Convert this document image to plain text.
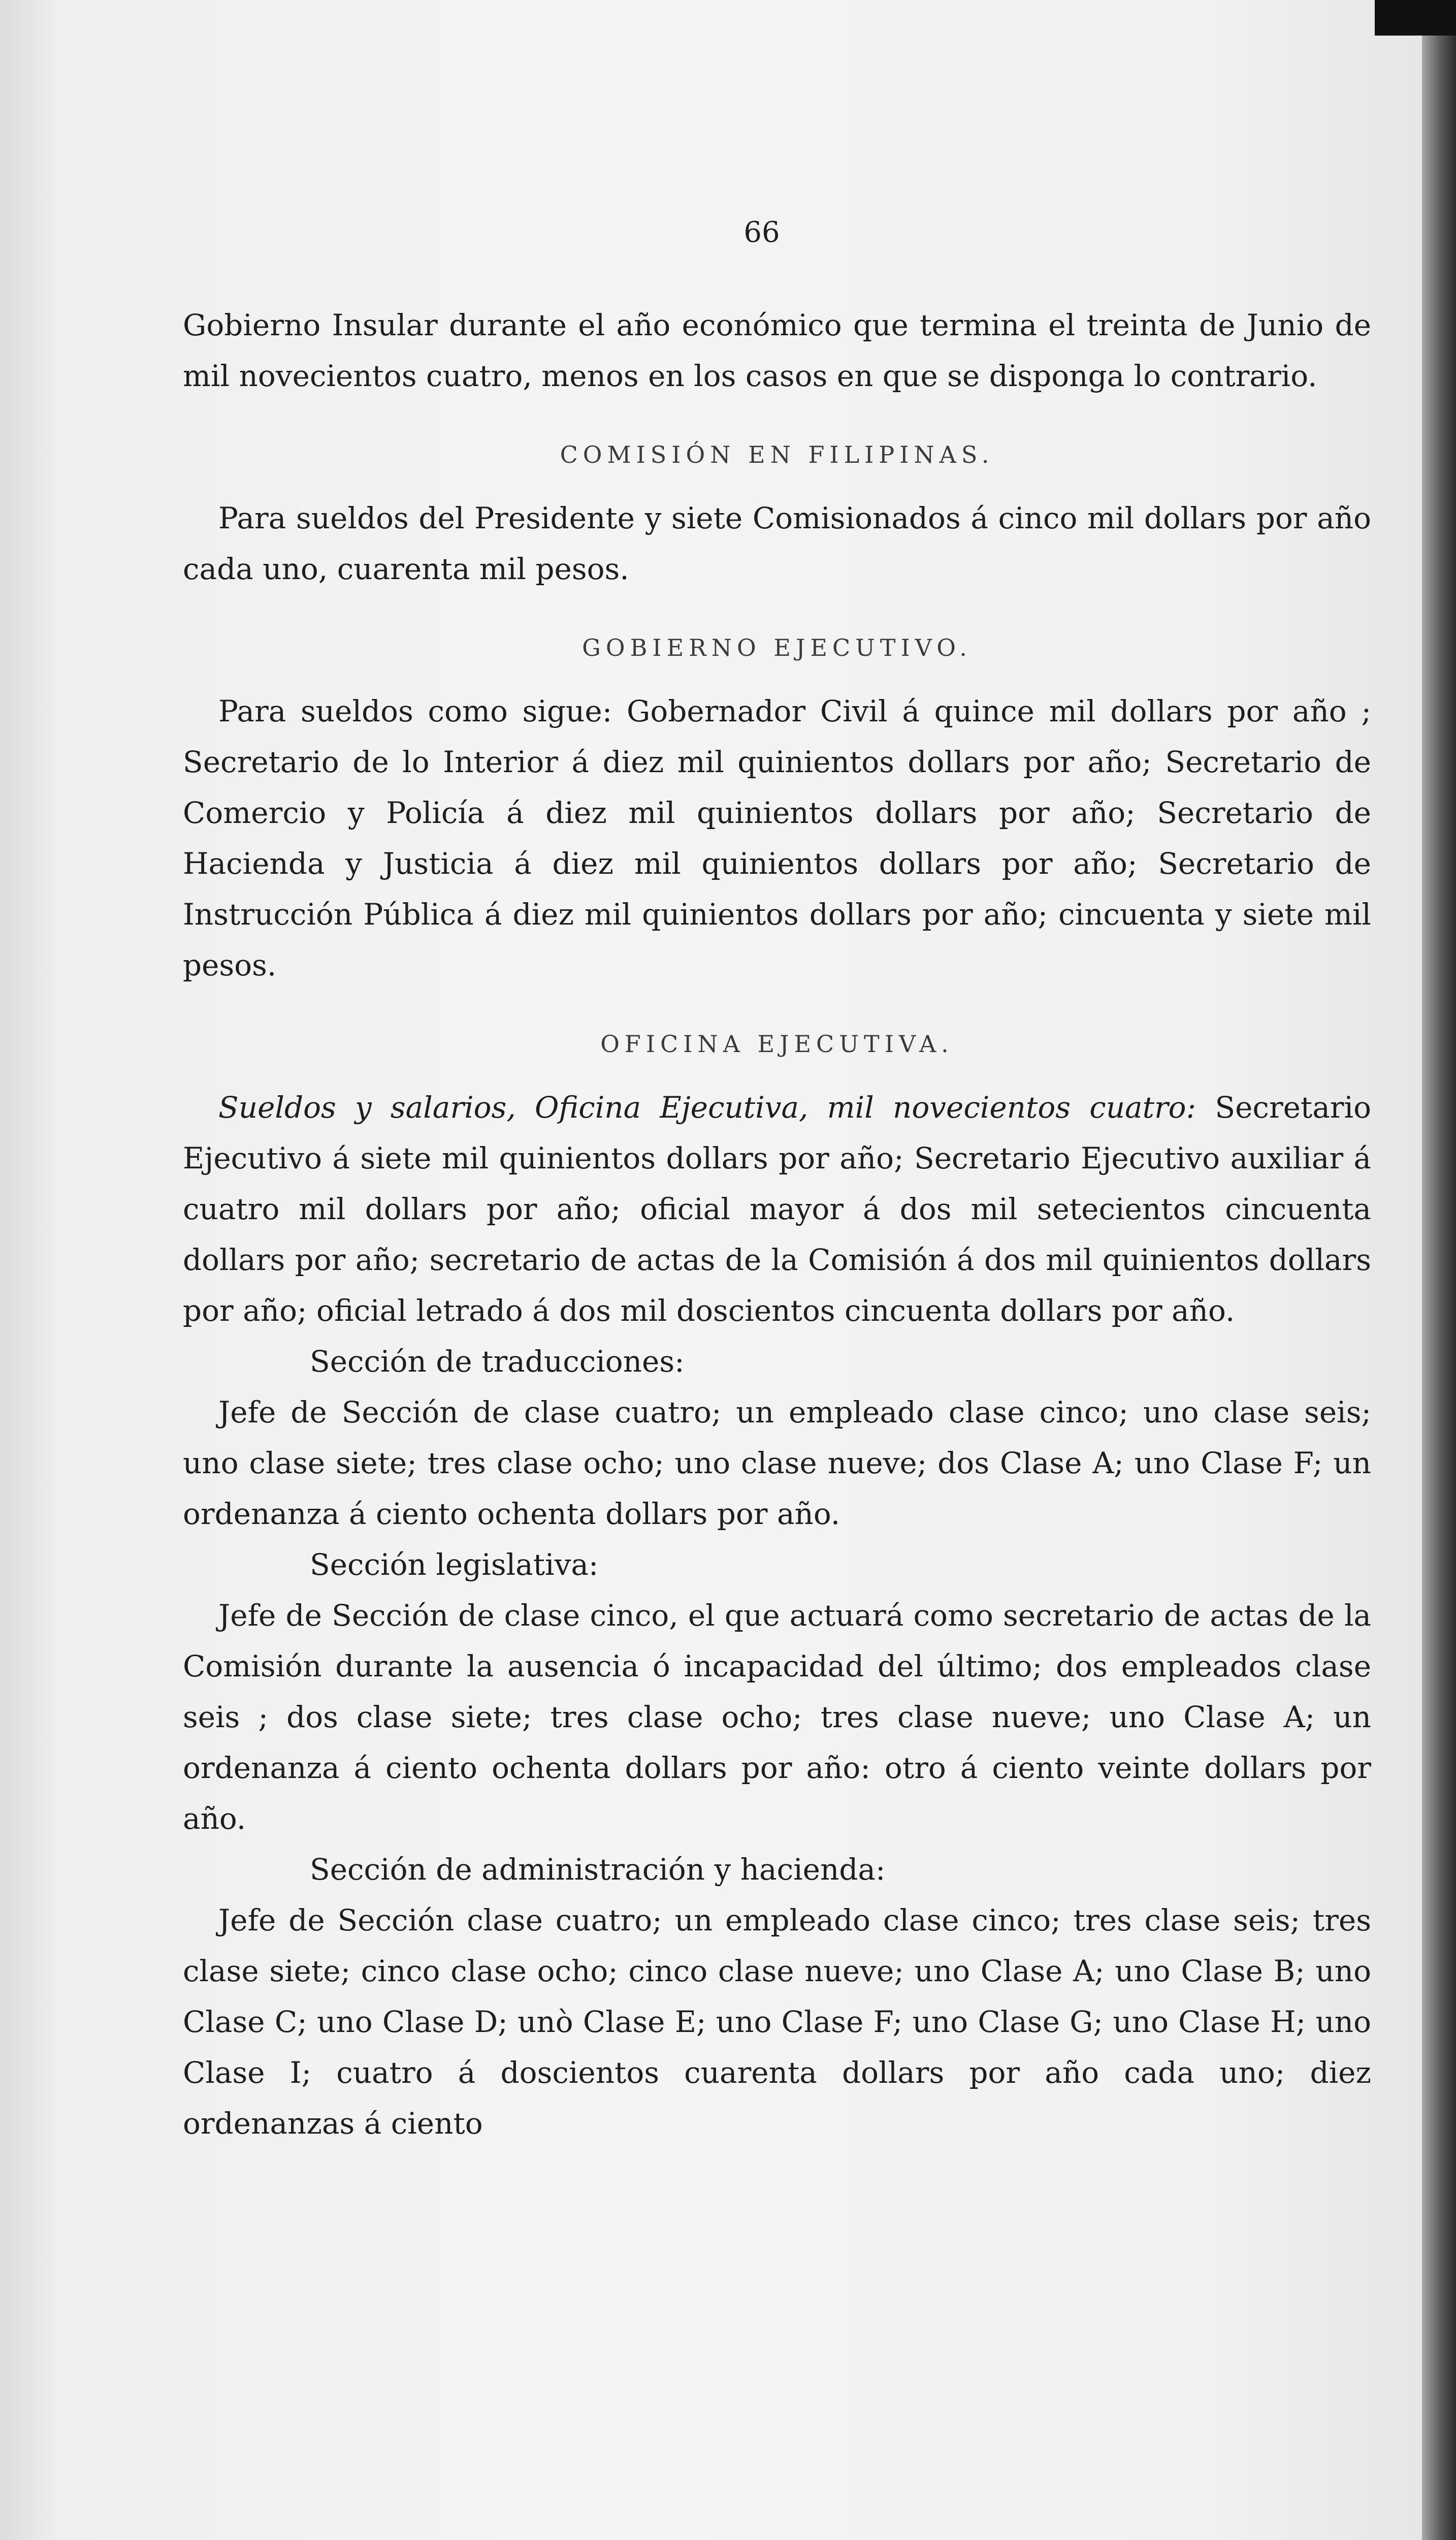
66

Gobierno Insular durante el año económico que termina el treinta de Junio de mil novecientos cuatro, menos en los casos en que se disponga lo contrario.

COMISIÓN EN FILIPINAS.

Para sueldos del Presidente y siete Comisionados á cinco mil dollars por año cada uno, cuarenta mil pesos.

GOBIERNO EJECUTIVO.

Para sueldos como sigue: Gobernador Civil á quince mil dollars por año ; Secretario de lo Interior á diez mil quinientos dollars por año; Secretario de Comercio y Policía á diez mil quinientos dollars por año; Secretario de Hacienda y Justicia á diez mil quinientos dollars por año; Secretario de Instrucción Pública á diez mil quinientos dollars por año; cincuenta y siete mil pesos.

OFICINA EJECUTIVA.

Sueldos y salarios, Oficina Ejecutiva, mil novecientos cuatro: Secretario Ejecutivo á siete mil quinientos dollars por año; Secretario Ejecutivo auxiliar á cuatro mil dollars por año; oficial mayor á dos mil setecientos cincuenta dollars por año; secretario de actas de la Comisión á dos mil quinientos dollars por año; oficial letrado á dos mil doscientos cincuenta dollars por año.

Sección de traducciones:

Jefe de Sección de clase cuatro; un empleado clase cinco; uno clase seis; uno clase siete; tres clase ocho; uno clase nueve; dos Clase A; uno Clase F; un ordenanza á ciento ochenta dollars por año.

Sección legislativa:

Jefe de Sección de clase cinco, el que actuará como secretario de actas de la Comisión durante la ausencia ó incapacidad del último; dos empleados clase seis ; dos clase siete; tres clase ocho; tres clase nueve; uno Clase A; un ordenanza á ciento ochenta dollars por año: otro á ciento veinte dollars por año.

Sección de administración y hacienda:

Jefe de Sección clase cuatro; un empleado clase cinco; tres clase seis; tres clase siete; cinco clase ocho; cinco clase nueve; uno Clase A; uno Clase B; uno Clase C; uno Clase D; unò Clase E; uno Clase F; uno Clase G; uno Clase H; uno Clase I; cuatro á doscientos cuarenta dollars por año cada uno; diez ordenanzas á ciento
